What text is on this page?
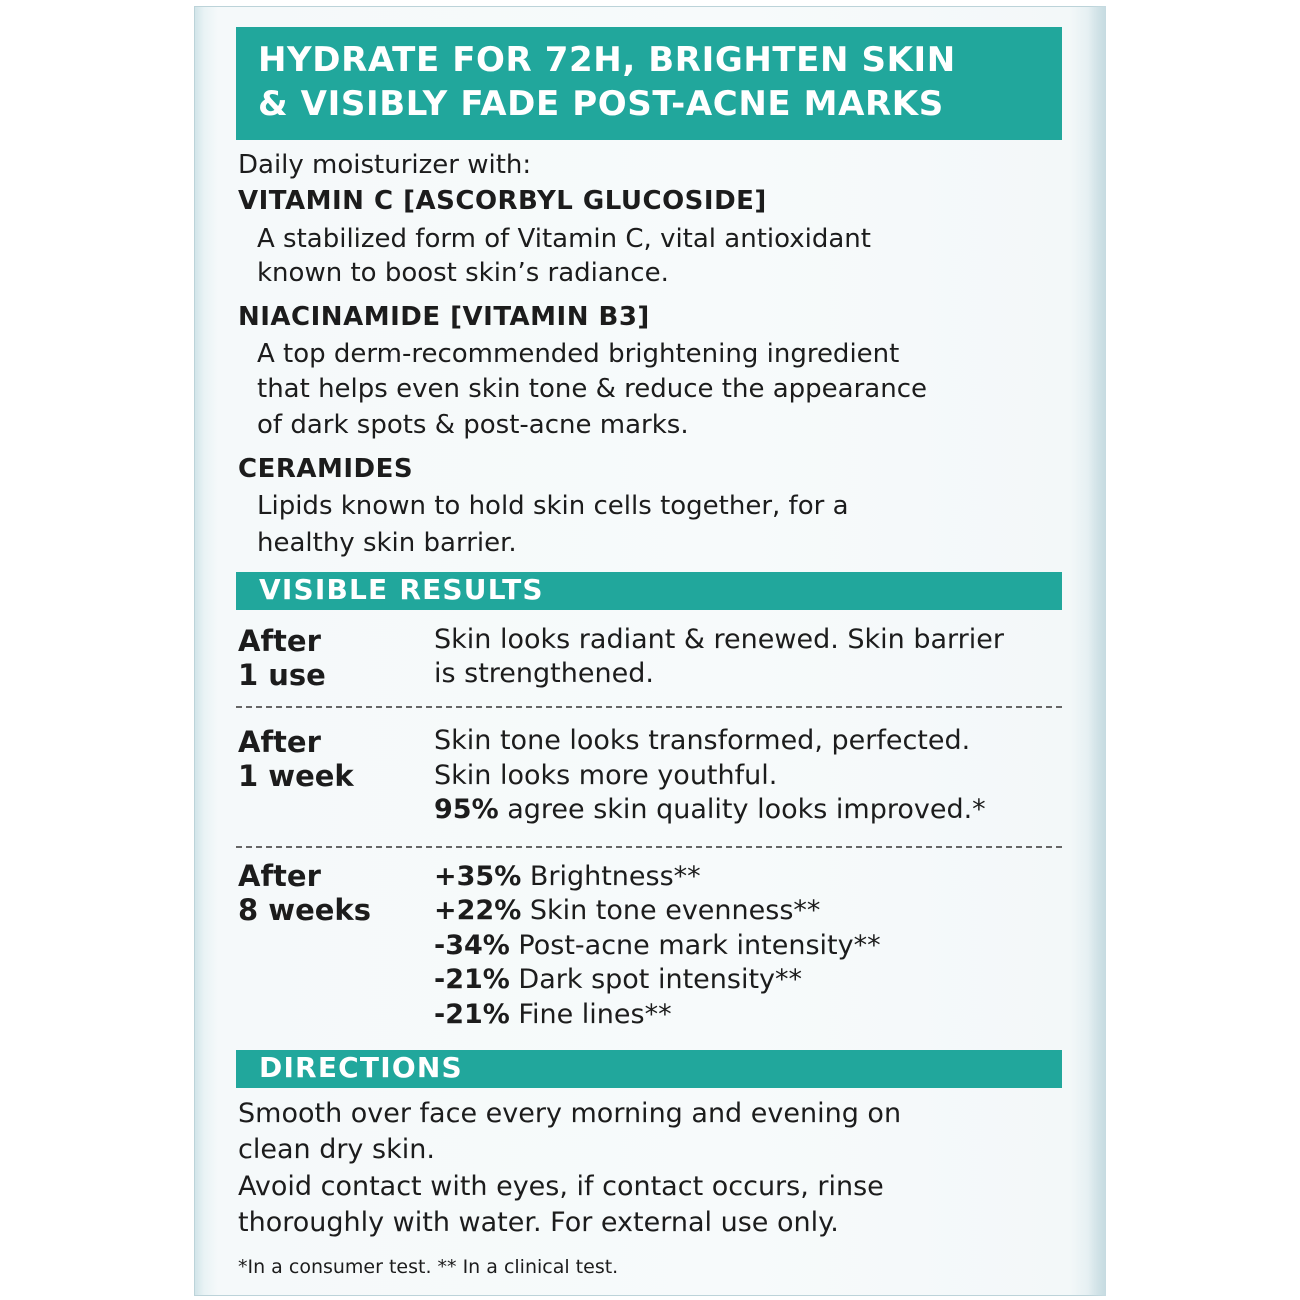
HYDRATE FOR 72H, BRIGHTEN SKIN
& VISIBLY FADE POST-ACNE MARKS
Daily moisturizer with:
VITAMIN C [ASCORBYL GLUCOSIDE]
A stabilized form of Vitamin C, vital antioxidant
known to boost skin’s radiance.
NIACINAMIDE [VITAMIN B3]
A top derm-recommended brightening ingredient
that helps even skin tone & reduce the appearance
of dark spots & post-acne marks.
CERAMIDES
Lipids known to hold skin cells together, for a
healthy skin barrier.
VISIBLE RESULTS
After
1 use
Skin looks radiant & renewed. Skin barrier
is strengthened.
After
1 week
Skin tone looks transformed, perfected.
Skin looks more youthful.
95% agree skin quality looks improved.*
After
8 weeks
+35% Brightness**
+22% Skin tone evenness**
-34% Post-acne mark intensity**
-21% Dark spot intensity**
-21% Fine lines**
DIRECTIONS
Smooth over face every morning and evening on
clean dry skin.
Avoid contact with eyes, if contact occurs, rinse
thoroughly with water. For external use only.
*In a consumer test. ** In a clinical test.
